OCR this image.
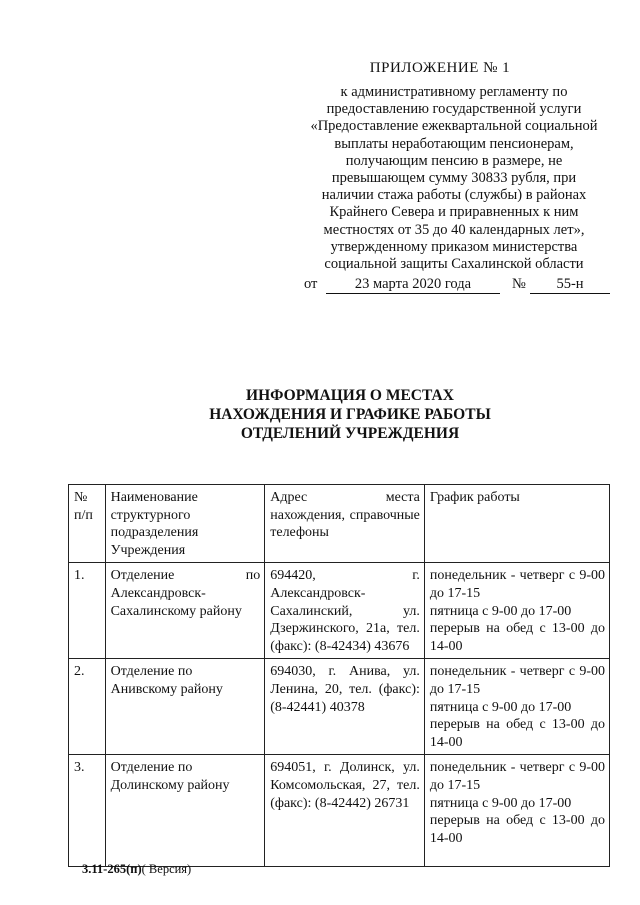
ПРИЛОЖЕНИЕ № 1
к административному регламенту по
предоставлению государственной услуги
«Предоставление ежеквартальной социальной
выплаты неработающим пенсионерам,
получающим пенсию в размере, не
превышающем сумму 30833 рубля, при
наличии стажа работы (службы) в районах
Крайнего Севера и приравненных к ним
местностях от 35 до 40 календарных лет»,
утвержденному приказом министерства
социальной защиты Сахалинской области
от	23 марта 2020 года	№	55-н
ИНФОРМАЦИЯ О МЕСТАХ
НАХОЖДЕНИЯ И ГРАФИКЕ РАБОТЫ
ОТДЕЛЕНИЙ УЧРЕЖДЕНИЯ
№ п/п	Наименование структурного подразделения Учреждения	Адрес места нахождения, справочные телефоны	График работы
1.	Отделение по Александровск-Сахалинскому району	694420, г. Александровск-Сахалинский, ул. Дзержинского, 21а, тел. (факс): (8-42434) 43676	понедельник - четверг с 9-00 до 17-15
пятница с 9-00 до 17-00
перерыв на обед с 13-00 до 14-00

2.	Отделение по Анивскому району	694030, г. Анива, ул. Ленина, 20, тел. (факс): (8-42441) 40378	понедельник - четверг с 9-00 до 17-15
пятница с 9-00 до 17-00
перерыв на обед с 13-00 до 14-00

3.	Отделение по Долинскому району	694051, г. Долинск, ул. Комсомольская, 27, тел. (факс): (8-42442) 26731	понедельник - четверг с 9-00 до 17-15
пятница с 9-00 до 17-00
перерыв на обед с 13-00 до 14-00
3.11-265(п)( Версия)
